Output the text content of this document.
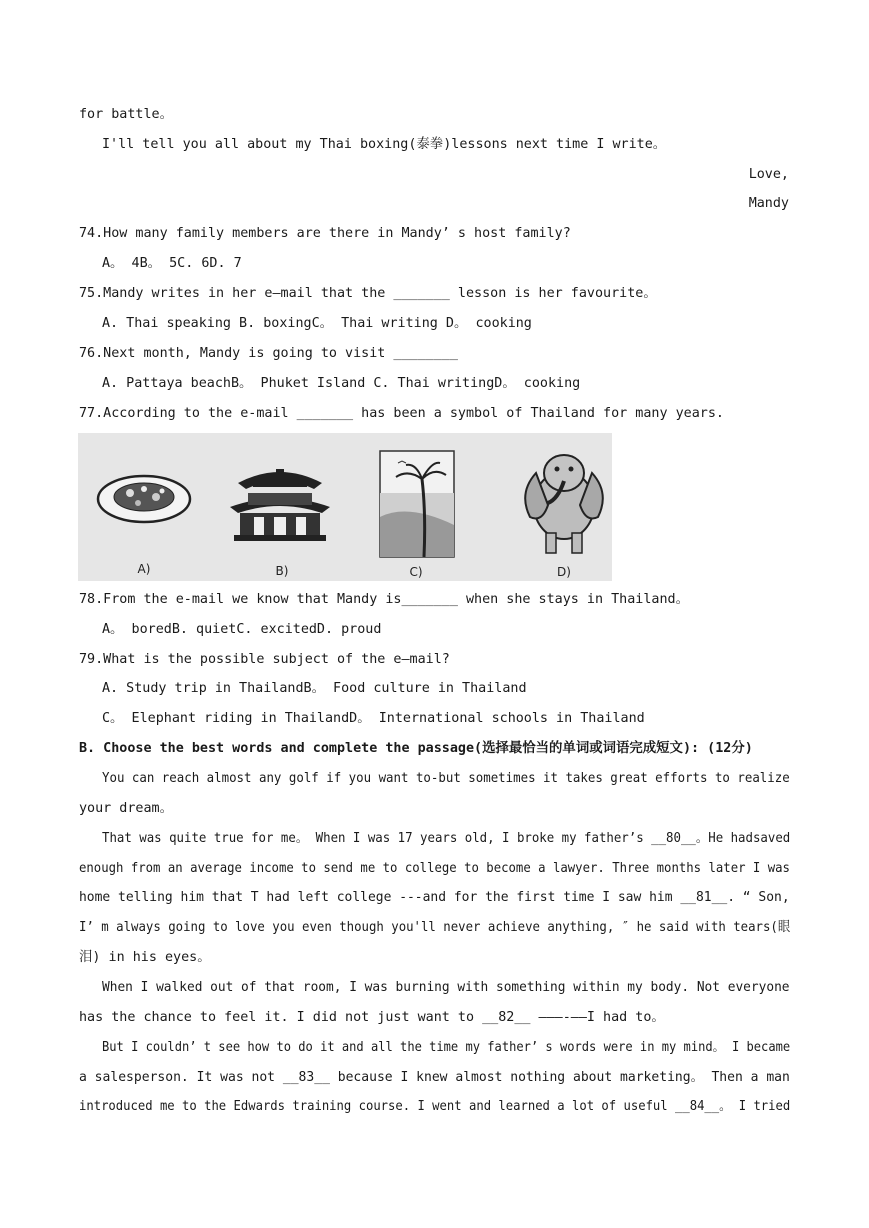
for battle。
I'll tell you all about my Thai boxing(泰拳)lessons next time I write。
Love,
Mandy
74.How many family members are there in Mandy’ s host family?
A。 4B。 5C. 6D. 7
75.Mandy writes in her e—mail that the _______ lesson is her favourite。
A. Thai speaking B. boxingC。 Thai writing D。 cooking
76.Next month, Mandy is going to visit ________
A. Pattaya beachB。 Phuket Island C. Thai writingD。 cooking
77.According to the e-mail _______ has been a symbol of Thailand for many years.
A)	B)	C)	D)
78.From the e-mail we know that Mandy is_______ when she stays in Thailand。
A。 boredB. quietC. excitedD. proud
79.What is the possible subject of the e—mail?
A. Study trip in ThailandB。 Food culture in Thailand
C。 Elephant riding in ThailandD。 International schools in Thailand
B. Choose the best words and complete the passage(选择最恰当的单词或词语完成短文): (12分)
You can reach almost any golf if you want to-but sometimes it takes great efforts to realize
your dream。
That was quite true for me。 When I was 17 years old, I broke my father’s __80__。He hadsaved
enough from an average income to send me to college to become a lawyer. Three months later I was
home telling him that T had left college ---and for the first time I saw him __81__. “ Son,
I’ m always going to love you even though you'll never achieve anything, ″ he said with tears(眼
泪) in his eyes。
When I walked out of that room, I was burning with something within my body. Not everyone
has the chance to feel it. I did not just want to __82__ ———-——I had to。
But I couldn’ t see how to do it and all the time my father’ s words were in my mind。 I became
a salesperson. It was not __83__ because I knew almost nothing about marketing。 Then a man
introduced me to the Edwards training course. I went and learned a lot of useful __84__。 I tried
